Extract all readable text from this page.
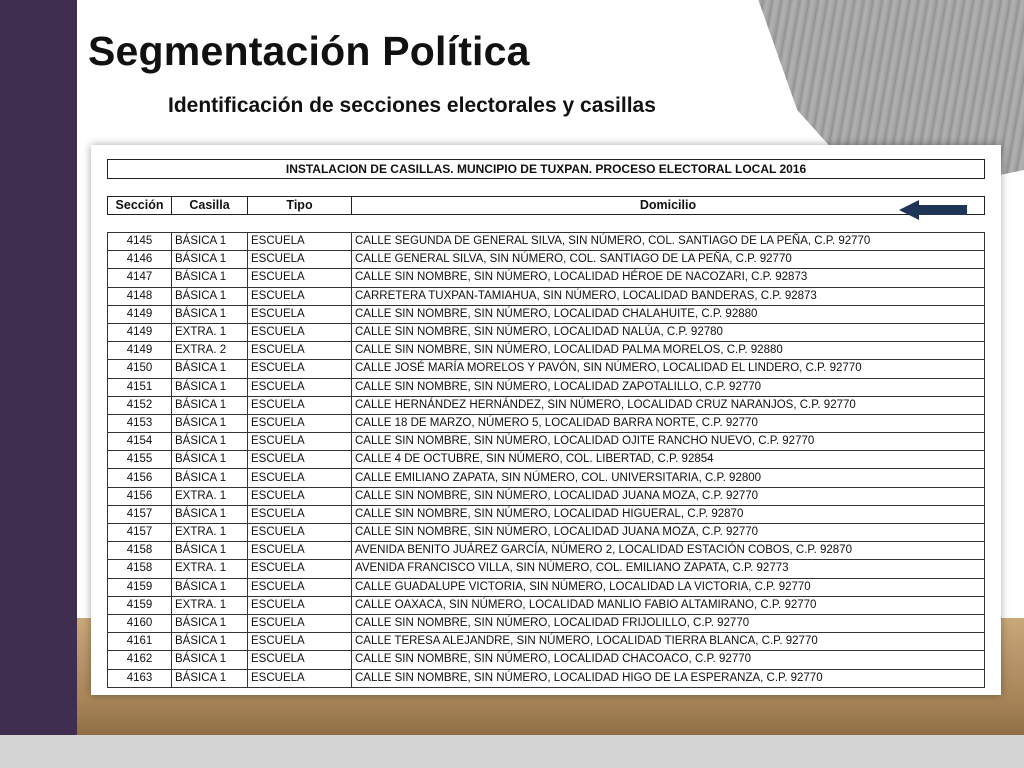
Segmentación Política
Identificación de secciones electorales y casillas
INSTALACION DE CASILLAS. MUNCIPIO DE TUXPAN. PROCESO ELECTORAL LOCAL 2016
Sección	Casilla	Tipo	Domicilio
4145	BÁSICA 1	ESCUELA	CALLE SEGUNDA DE GENERAL SILVA, SIN NÚMERO, COL. SANTIAGO DE LA PEÑA, C.P. 92770
4146	BÁSICA 1	ESCUELA	CALLE GENERAL SILVA, SIN NÚMERO, COL. SANTIAGO DE LA PEÑA, C.P. 92770
4147	BÁSICA 1	ESCUELA	CALLE SIN NOMBRE, SIN NÚMERO, LOCALIDAD HÉROE DE NACOZARI, C.P. 92873
4148	BÁSICA 1	ESCUELA	CARRETERA TUXPAN-TAMIAHUA, SIN NÚMERO, LOCALIDAD BANDERAS, C.P. 92873
4149	BÁSICA 1	ESCUELA	CALLE SIN NOMBRE, SIN NÚMERO, LOCALIDAD CHALAHUITE, C.P. 92880
4149	EXTRA. 1	ESCUELA	CALLE SIN NOMBRE, SIN NÚMERO, LOCALIDAD NALÚA, C.P. 92780
4149	EXTRA. 2	ESCUELA	CALLE SIN NOMBRE, SIN NÚMERO, LOCALIDAD PALMA MORELOS, C.P. 92880
4150	BÁSICA 1	ESCUELA	CALLE JOSÉ MARÍA MORELOS Y PAVÓN, SIN NÚMERO, LOCALIDAD EL LINDERO, C.P. 92770
4151	BÁSICA 1	ESCUELA	CALLE SIN NOMBRE, SIN NÚMERO, LOCALIDAD ZAPOTALILLO, C.P. 92770
4152	BÁSICA 1	ESCUELA	CALLE HERNÁNDEZ HERNÁNDEZ, SIN NÚMERO, LOCALIDAD CRUZ NARANJOS, C.P. 92770
4153	BÁSICA 1	ESCUELA	CALLE 18 DE MARZO, NÚMERO 5, LOCALIDAD BARRA NORTE, C.P. 92770
4154	BÁSICA 1	ESCUELA	CALLE SIN NOMBRE, SIN NÚMERO, LOCALIDAD OJITE RANCHO NUEVO, C.P. 92770
4155	BÁSICA 1	ESCUELA	CALLE 4 DE OCTUBRE, SIN NÚMERO, COL. LIBERTAD, C.P. 92854
4156	BÁSICA 1	ESCUELA	CALLE EMILIANO ZAPATA, SIN NÚMERO, COL. UNIVERSITARIA, C.P. 92800
4156	EXTRA. 1	ESCUELA	CALLE SIN NOMBRE, SIN NÚMERO, LOCALIDAD JUANA MOZA, C.P. 92770
4157	BÁSICA 1	ESCUELA	CALLE SIN NOMBRE, SIN NÚMERO, LOCALIDAD HIGUERAL, C.P. 92870
4157	EXTRA. 1	ESCUELA	CALLE SIN NOMBRE, SIN NÚMERO, LOCALIDAD JUANA MOZA, C.P. 92770
4158	BÁSICA 1	ESCUELA	AVENIDA BENITO JUÁREZ GARCÍA, NÚMERO 2, LOCALIDAD ESTACIÓN COBOS, C.P. 92870
4158	EXTRA. 1	ESCUELA	AVENIDA FRANCISCO VILLA, SIN NÚMERO, COL. EMILIANO ZAPATA, C.P. 92773
4159	BÁSICA 1	ESCUELA	CALLE GUADALUPE VICTORIA, SIN NÚMERO, LOCALIDAD LA VICTORIA, C.P. 92770
4159	EXTRA. 1	ESCUELA	CALLE OAXACA, SIN NÚMERO, LOCALIDAD MANLIO FABIO ALTAMIRANO, C.P. 92770
4160	BÁSICA 1	ESCUELA	CALLE SIN NOMBRE, SIN NÚMERO, LOCALIDAD FRIJOLILLO, C.P. 92770
4161	BÁSICA 1	ESCUELA	CALLE TERESA ALEJANDRE, SIN NÚMERO, LOCALIDAD TIERRA BLANCA, C.P. 92770
4162	BÁSICA 1	ESCUELA	CALLE SIN NOMBRE, SIN NÚMERO, LOCALIDAD CHACOACO, C.P. 92770
4163	BÁSICA 1	ESCUELA	CALLE SIN NOMBRE, SIN NÚMERO, LOCALIDAD HIGO DE LA ESPERANZA, C.P. 92770
